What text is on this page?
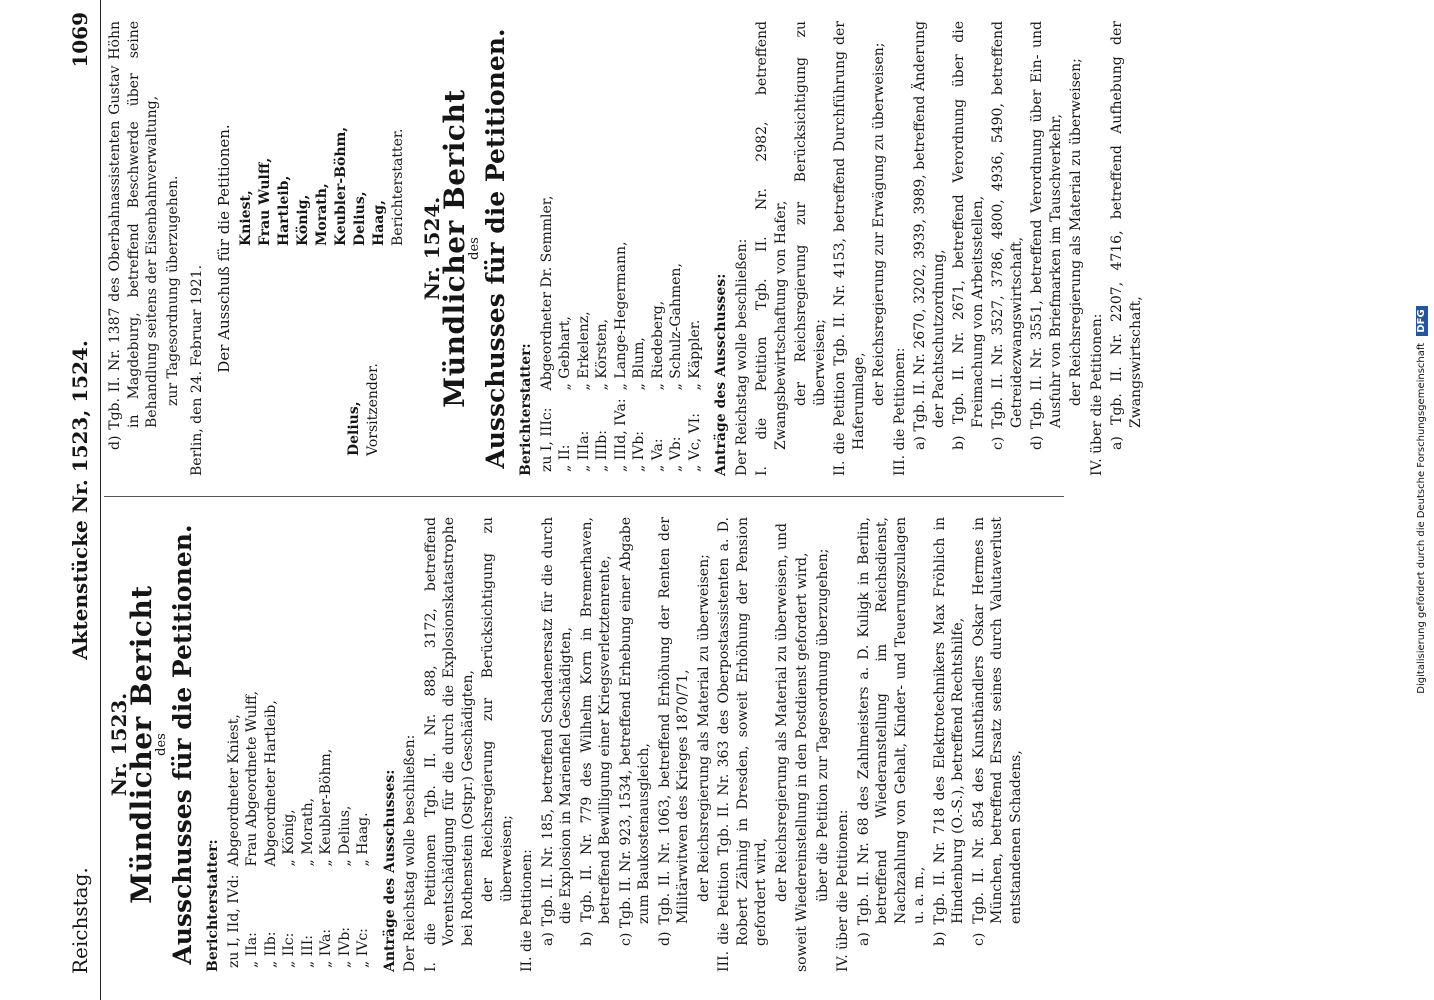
Reichstag.
Aktenstücke Nr. 1523, 1524.
1069
Nr. 1523.
Mündlicher Bericht
des
Ausschusses für die Petitionen. Berichterstatter: zu I, IId, IVd:	Abgeordneter Kniest,
„ IIa:	Frau Abgeordnete Wulff,
„ IIb:	Abgeordneter Hartleib,
„ IIc:	„ König,
„ III:	„ Morath,
„ IVa:	„ Keubler-Böhm,
„ IVb:	„ Delius,
„ IVc:	„ Haag. Anträge des Ausschusses: Der Reichstag wolle beschließen: I. die Petitionen Tgb. II. Nr. 888, 3172, betreffend Vorentschädigung für die durch die Explosionskatastrophe bei Rothenstein (Ostpr.) Geschädigten, der Reichsregierung zur Berücksichtigung zu überweisen; II. die Petitionen: a) Tgb. II. Nr. 185, betreffend Schadenersatz für die durch die Explosion in Marienfiel Geschädigten, b) Tgb. II. Nr. 779 des Wilhelm Korn in Bremerhaven, betreffend Bewilligung einer Kriegsverletztenrente, c) Tgb. II. Nr. 923, 1534, betreffend Erhebung einer Abgabe zum Baukostenausgleich, d) Tgb. II. Nr. 1063, betreffend Erhöhung der Renten der Militärwitwen des Krieges 1870/71, der Reichsregierung als Material zu überweisen; III. die Petition Tgb. II. Nr. 363 des Oberpostassistenten a. D. Robert Zähnig in Dresden, soweit Erhöhung der Pension gefordert wird, der Reichsregierung als Material zu überweisen, und soweit Wiedereinstellung in den Postdienst gefordert wird, über die Petition zur Tagesordnung überzugehen; IV. über die Petitionen: a) Tgb. II. Nr. 68 des Zahlmeisters a. D. Kuligk in Berlin, betreffend Wiederanstellung im Reichsdienst, Nachzahlung von Gehalt, Kinder- und Teuerungszulagen u. a. m., b) Tgb. II. Nr. 718 des Elektrotechnikers Max Fröhlich in Hindenburg (O.-S.), betreffend Rechtshilfe, c) Tgb. II. Nr. 854 des Kunsthändlers Oskar Hermes in München, betreffend Ersatz seines durch Valutaverlust entstandenen Schadens,
d) Tgb. II. Nr. 1387 des Oberbahnassistenten Gustav Höhn in Magdeburg, betreffend Beschwerde über seine Behandlung seitens der Eisenbahnverwaltung, zur Tagesordnung überzugehen. Berlin, den 24. Februar 1921. Der Ausschuß für die Petitionen. Kniest, Frau Wulff, Hartleib, König, Morath, Keubler-Böhm, Delius, Haag, Berichterstatter.
Delius, Vorsitzender.
Nr. 1524.
Mündlicher Bericht
des
Ausschusses für die Petitionen. Berichterstatter: zu I, IIIc:	Abgeordneter Dr. Semmler,
„ II:	„ Gebhart,
„ IIIa:	„ Erkelenz,
„ IIIb:	„ Körsten,
„ IIId, IVa:	„ Lange-Hegermann,
„ IVb:	„ Blum,
„ Va:	„ Riedeberg,
„ Vb:	„ Schulz-Gahmen,
„ Vc, VI:	„ Käppler. Anträge des Ausschusses: Der Reichstag wolle beschließen: I. die Petition Tgb. II. Nr. 2982, betreffend Zwangsbewirtschaftung von Hafer, der Reichsregierung zur Berücksichtigung zu überweisen; II. die Petition Tgb. II. Nr. 4153, betreffend Durchführung der Haferumlage, der Reichsregierung zur Erwägung zu überweisen;
III. die Petitionen: a) Tgb. II. Nr. 2670, 3202, 3939, 3989, betreffend Änderung der Pachtschutzordnung, b) Tgb. II. Nr. 2671, betreffend Verordnung über die Freimachung von Arbeitsstellen, c) Tgb. II. Nr. 3527, 3786, 4800, 4936, 5490, betreffend Getreidezwangswirtschaft, d) Tgb. II. Nr. 3551, betreffend Verordnung über Ein- und Ausfuhr von Briefmarken im Tauschverkehr, der Reichsregierung als Material zu überweisen; IV. über die Petitionen: a) Tgb. II. Nr. 2207, 4716, betreffend Aufhebung der Zwangswirtschaft,	Digitalisierung gefördert durch die Deutsche Forschungsgemeinschaft DFG
